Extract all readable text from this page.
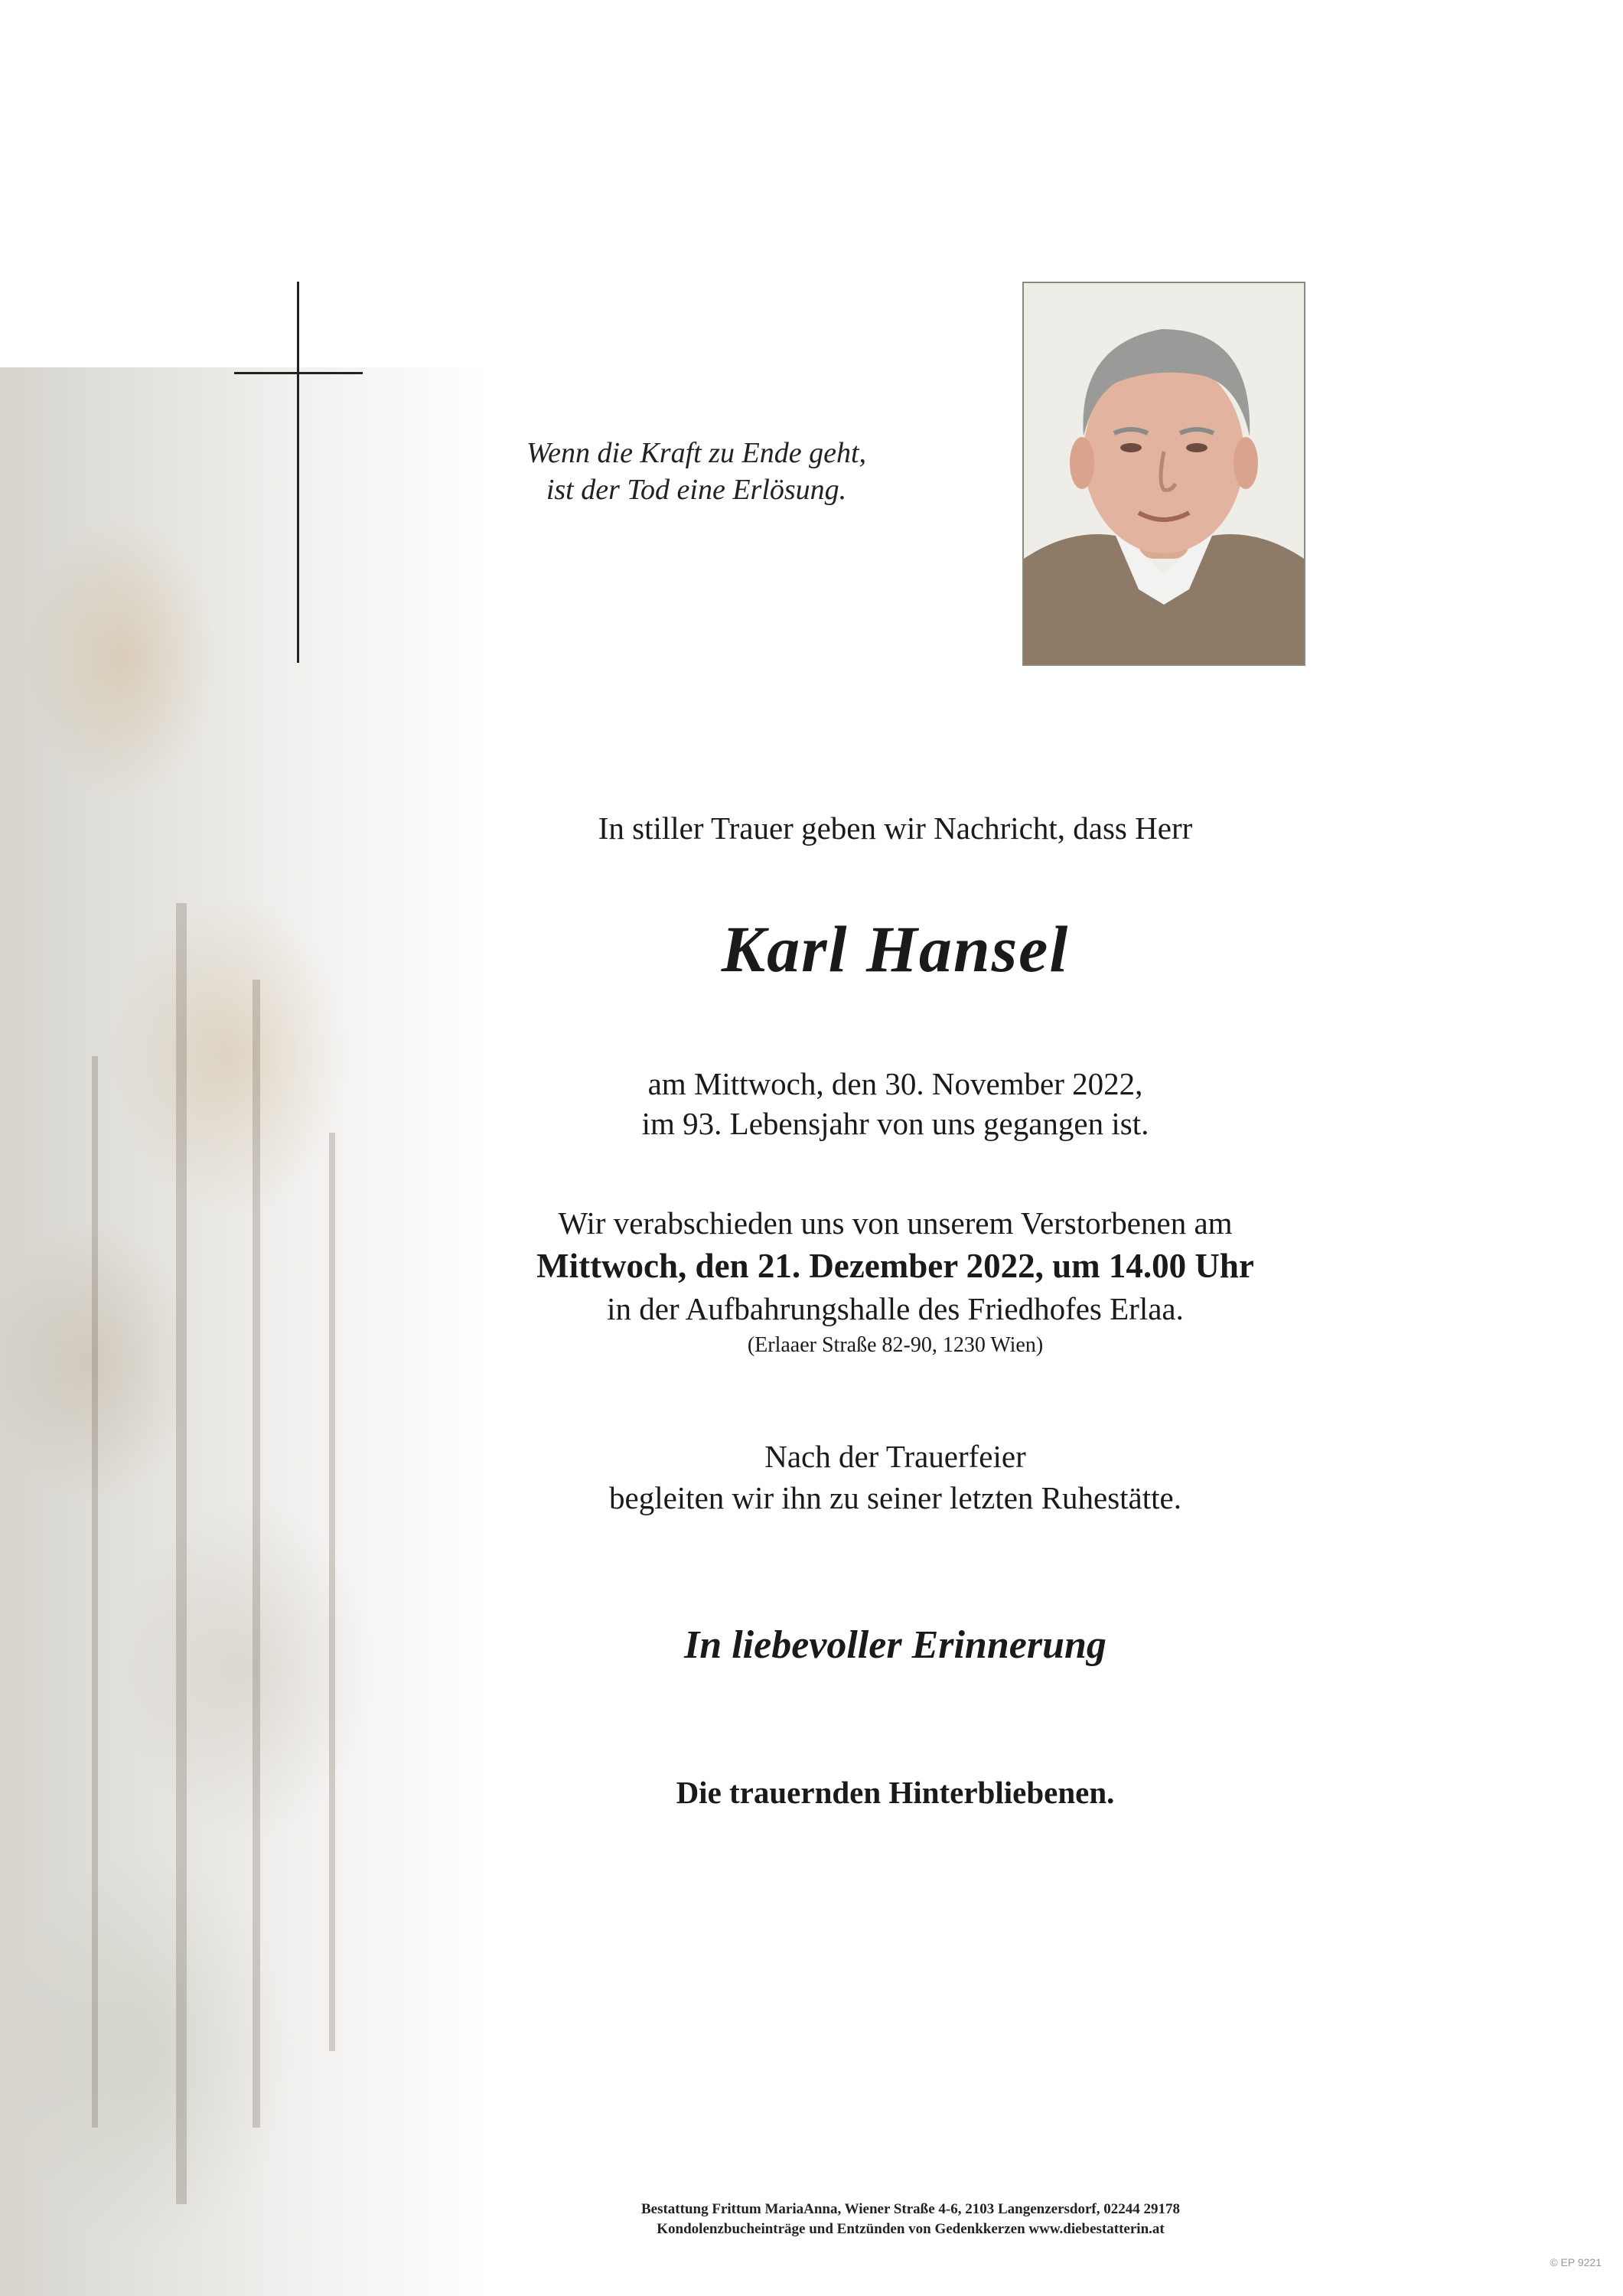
Wenn die Kraft zu Ende geht,
ist der Tod eine Erlösung.
In stiller Trauer geben wir Nachricht, dass Herr
Karl Hansel
am Mittwoch, den 30. November 2022,
im 93. Lebensjahr von uns gegangen ist.
Wir verabschieden uns von unserem Verstorbenen am
Mittwoch, den 21. Dezember 2022, um 14.00 Uhr
in der Aufbahrungshalle des Friedhofes Erlaa.
(Erlaaer Straße 82-90, 1230 Wien)
Nach der Trauerfeier
begleiten wir ihn zu seiner letzten Ruhestätte.
In liebevoller Erinnerung
Die trauernden Hinterbliebenen.
Bestattung Frittum MariaAnna, Wiener Straße 4-6, 2103 Langenzersdorf, 02244 29178
Kondolenzbucheinträge und Entzünden von Gedenkkerzen www.diebestatterin.at
© EP 9221
